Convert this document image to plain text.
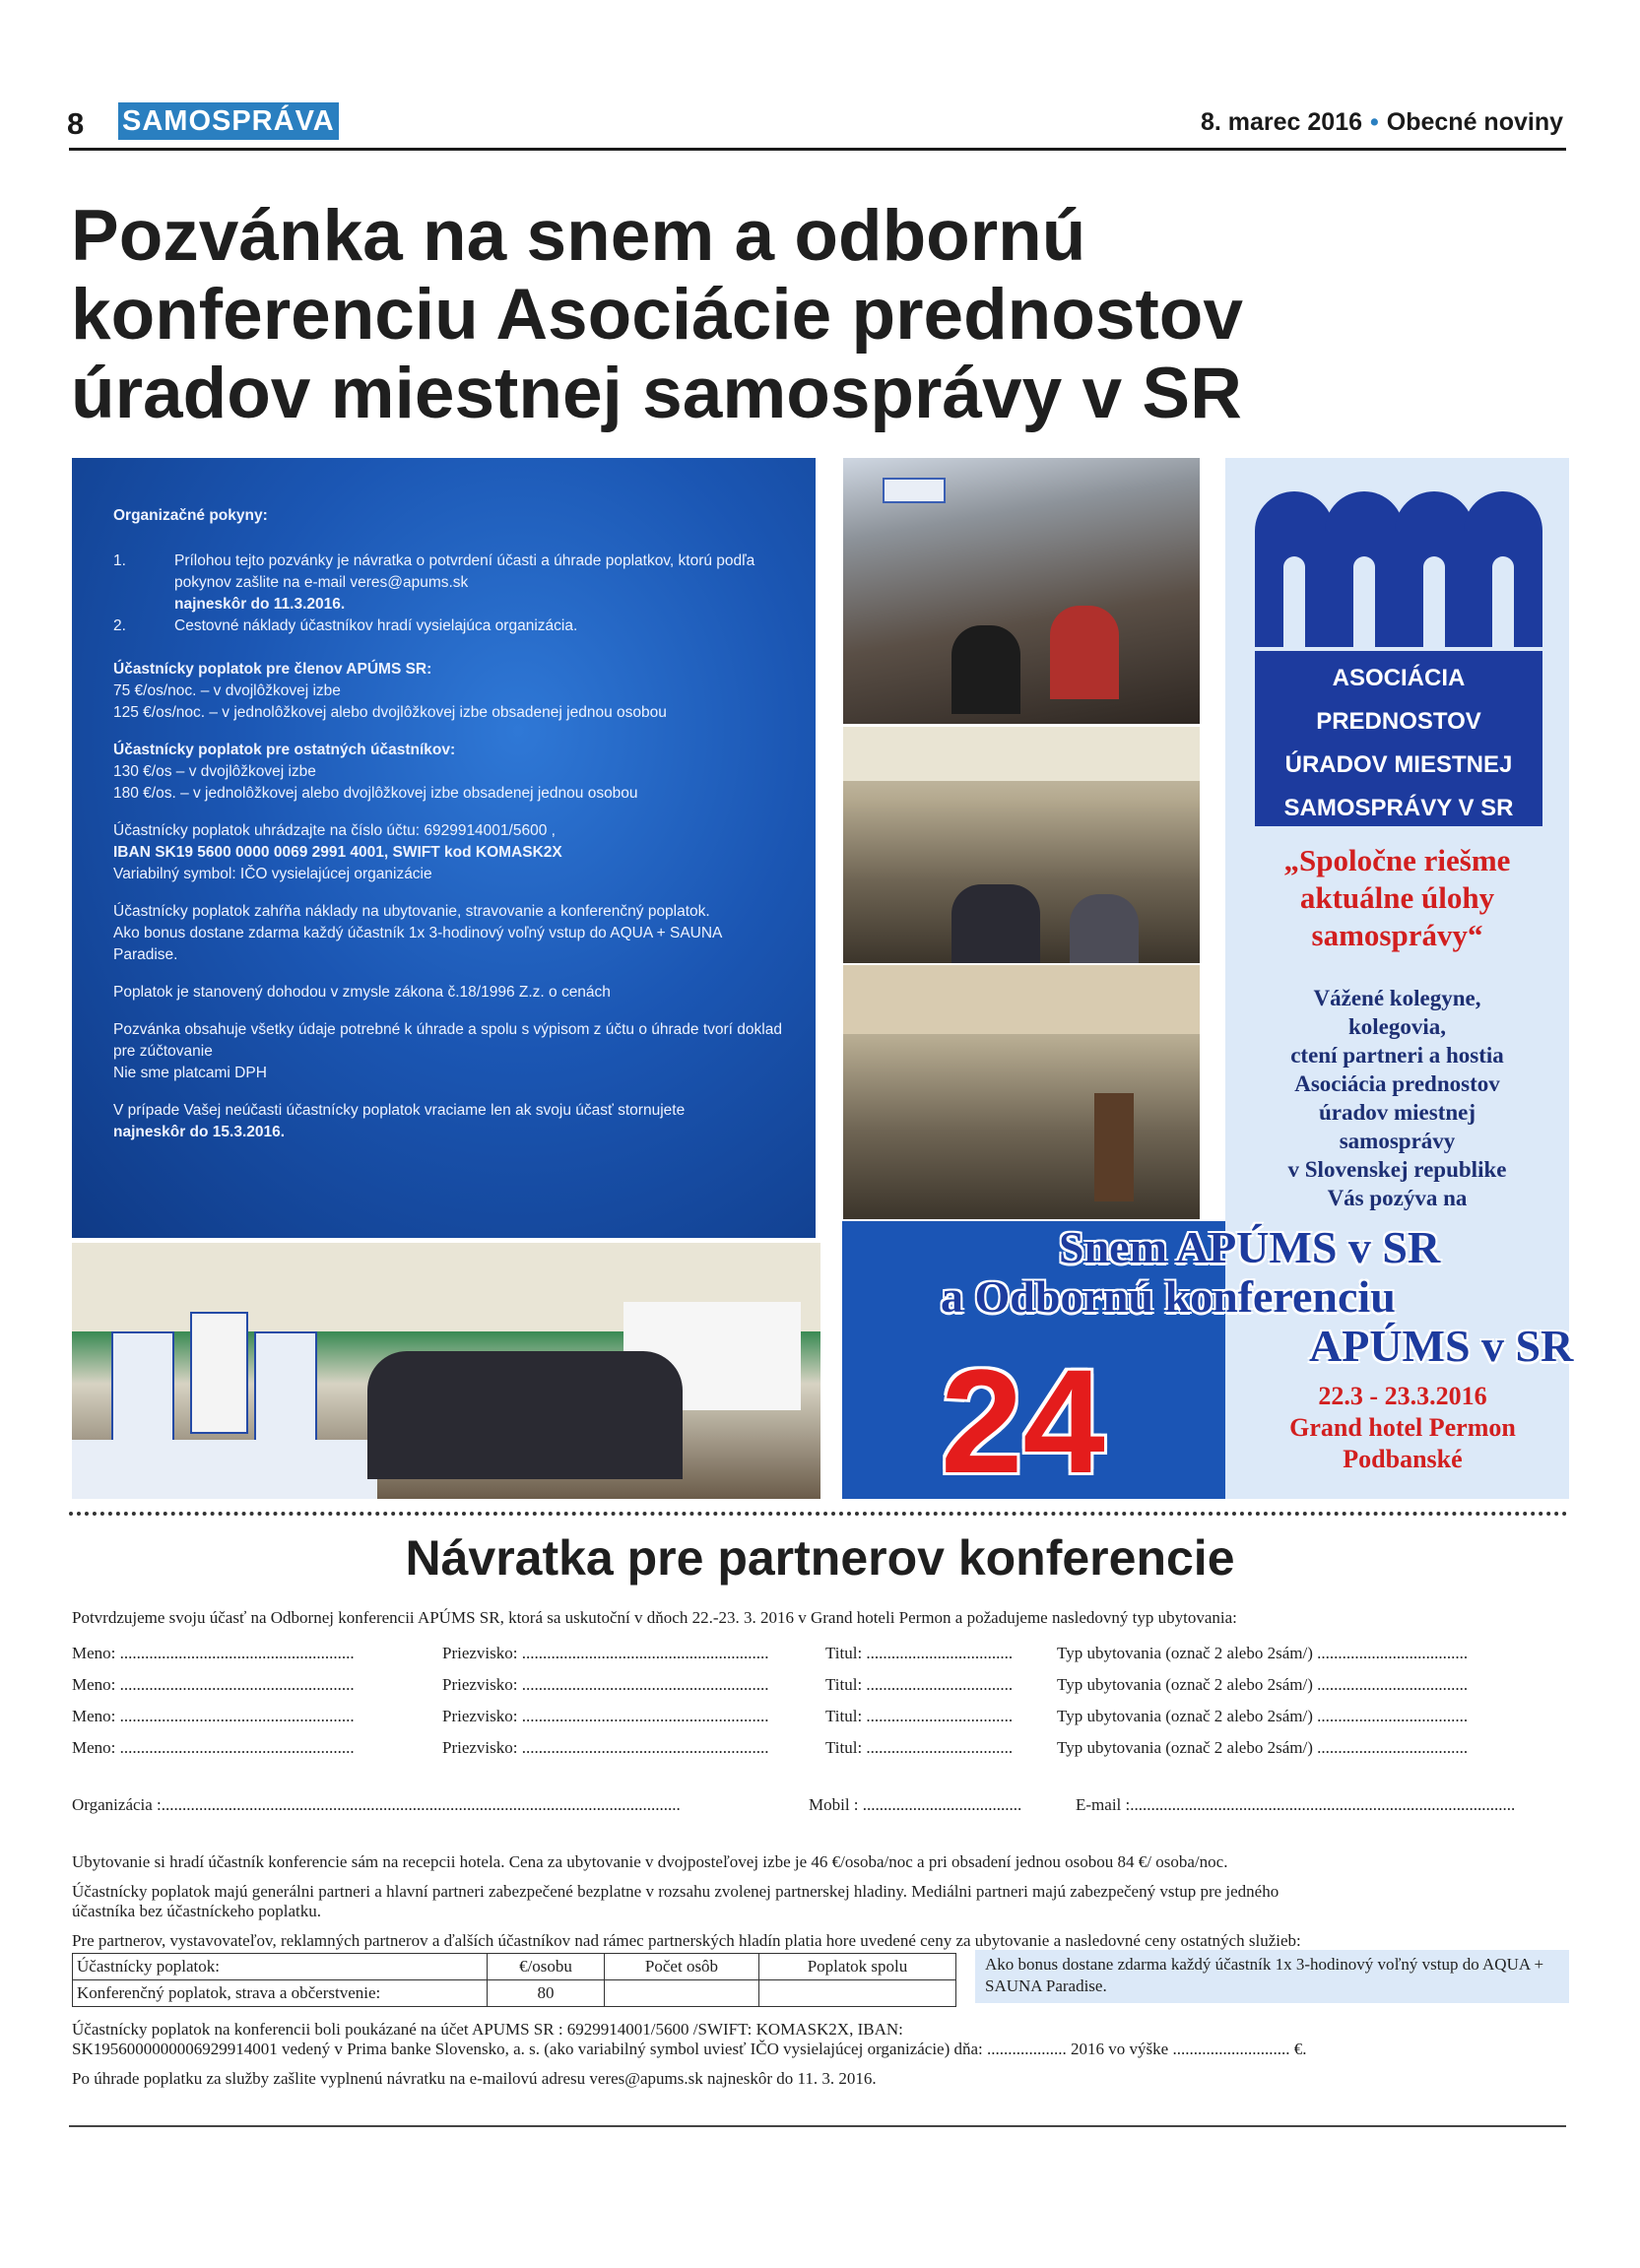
8 SAMOSPRÁVA	8. marec 2016 • Obecné noviny
Pozvánka na snem a odbornú
konferenciu Asociácie prednostov
úradov miestnej samosprávy v SR

Organizačné pokyny:

1.	Prílohou tejto pozvánky je návratka o potvrdení účasti a úhrade poplatkov, ktorú podľa pokynov zašlite na e-mail veres@apums.sk
najneskôr do 11.3.2016.
2.	Cestovné náklady účastníkov hradí vysielajúca organizácia.

Účastnícky poplatok pre členov APÚMS SR:
75 €/os/noc. – v dvojlôžkovej izbe
125 €/os/noc. – v jednolôžkovej alebo dvojlôžkovej izbe obsadenej jednou osobou

Účastnícky poplatok pre ostatných účastníkov:
130 €/os – v dvojlôžkovej izbe
180 €/os. – v jednolôžkovej alebo dvojlôžkovej izbe obsadenej jednou osobou

Účastnícky poplatok uhrádzajte na číslo účtu: 6929914001/5600 ,
IBAN SK19 5600 0000 0069 2991 4001, SWIFT kod KOMASK2X
Variabilný symbol: IČO vysielajúcej organizácie

Účastnícky poplatok zahŕňa náklady na ubytovanie, stravovanie a konferenčný poplatok.
Ako bonus dostane zdarma každý účastník 1x 3-hodinový voľný vstup do AQUA + SAUNA Paradise.

Poplatok je stanovený dohodou v zmysle zákona č.18/1996 Z.z. o cenách

Pozvánka obsahuje všetky údaje potrebné k úhrade a spolu s výpisom z účtu o úhrade tvorí doklad pre zúčtovanie
Nie sme platcami DPH

V prípade Vašej neúčasti účastnícky poplatok vraciame len ak svoju účasť stornujete
najneskôr do 15.3.2016.

ASOCIÁCIA
PREDNOSTOV
ÚRADOV MIESTNEJ
SAMOSPRÁVY V SR
„Spoločne riešme
aktuálne úlohy
samosprávy“
Vážené kolegyne,
kolegovia,
ctení partneri a hostia
Asociácia prednostov
úradov miestnej
samosprávy
v Slovenskej republike
Vás pozýva na
Snem APÚMS v SR
a Odbornú konferenciu
APÚMS v SR
24	22.3 - 23.3.2016
Grand hotel Permon
Podbanské
Návratka pre partnerov konferencie
Potvrdzujeme svoju účasť na Odbornej konferencii APÚMS SR, ktorá sa uskutoční v dňoch 22.-23. 3. 2016 v Grand hoteli Permon a požadujeme nasledovný typ ubytovania:
Meno: ........................................................	Priezvisko: ...........................................................	Titul: ...................................	Typ ubytovania (označ 2 alebo 2sám/) ....................................
Meno: ........................................................	Priezvisko: ...........................................................	Titul: ...................................	Typ ubytovania (označ 2 alebo 2sám/) ....................................
Meno: ........................................................	Priezvisko: ...........................................................	Titul: ...................................	Typ ubytovania (označ 2 alebo 2sám/) ....................................
Meno: ........................................................	Priezvisko: ...........................................................	Titul: ...................................	Typ ubytovania (označ 2 alebo 2sám/) ....................................
Organizácia :............................................................................................................................	Mobil : ......................................	E-mail :............................................................................................
Ubytovanie si hradí účastník konferencie sám na recepcii hotela. Cena za ubytovanie v dvojposteľovej izbe je 46 €/osoba/noc a pri obsadení jednou osobou 84 €/ osoba/noc.
Účastnícky poplatok majú generálni partneri a hlavní partneri zabezpečené bezplatne v rozsahu zvolenej partnerskej hladiny. Mediálni partneri majú zabezpečený vstup pre jedného
účastníka bez účastníckeho poplatku.
Pre partnerov, vystavovateľov, reklamných partnerov a ďalších účastníkov nad rámec partnerských hladín platia hore uvedené ceny za ubytovanie a nasledovné ceny ostatných služieb:
Účastnícky poplatok:	€/osobu	Počet osôb	Poplatok spolu
Konferenčný poplatok, strava a občerstvenie:	80		
Ako bonus dostane zdarma každý účastník 1x 3-hodinový voľný vstup do AQUA + SAUNA Paradise.
Účastnícky poplatok na konferencii boli poukázané na účet APUMS SR : 6929914001/5600 /SWIFT: KOMASK2X, IBAN:
SK1956000000006929914001 vedený v Prima banke Slovensko, a. s. (ako variabilný symbol uviesť IČO vysielajúcej organizácie) dňa: ................... 2016 vo výške ............................ €.
Po úhrade poplatku za služby zašlite vyplnenú návratku na e-mailovú adresu veres@apums.sk najneskôr do 11. 3. 2016.
